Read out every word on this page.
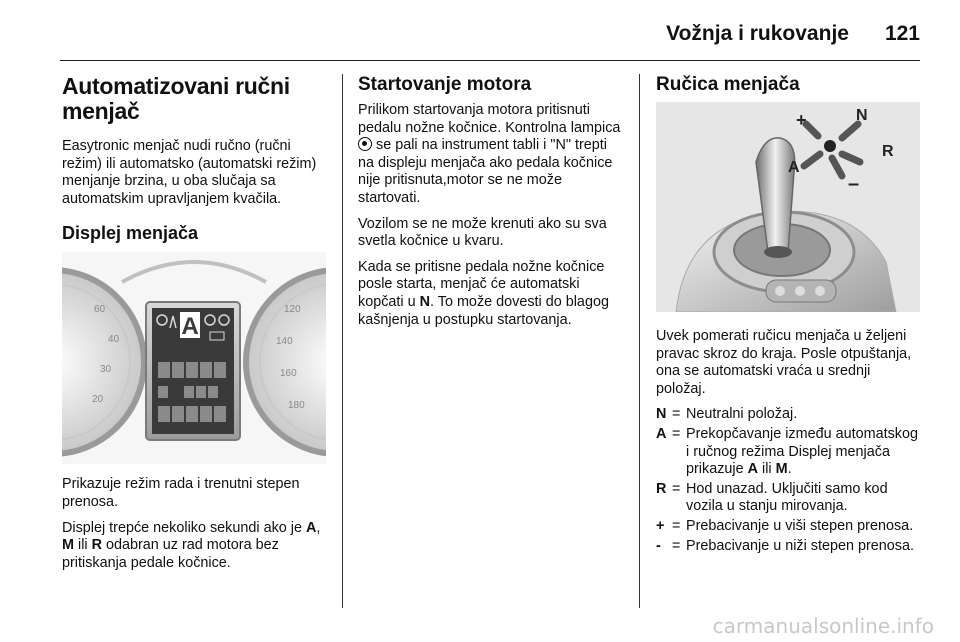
Vožnja i rukovanje 121
Automatizovani ručni menjač

Easytronic menjač nudi ručno (ručni režim) ili automatsko (automatski režim) menjanje brzina, u oba slučaja sa automatskim upravljanjem kvačila.

Displej menjača
60
40
30
20
120
140
160
180
A

Prikazuje režim rada i trenutni stepen prenosa.

Displej trepće nekoliko sekundi ako je A, M ili R odabran uz rad motora bez pritiskanja pedale kočnice.

Startovanje motora

Prilikom startovanja motora pritisnuti pedalu nožne kočnice. Kontrolna lampica  se pali na instrument tabli i "N" trepti na displeju menjača ako pedala kočnice nije pritisnuta,motor se ne može startovati.

Vozilom se ne može krenuti ako su sva svetla kočnice u kvaru.

Kada se pritisne pedala nožne kočnice posle starta, menjač će automatski kopčati u N. To može dovesti do blagog kašnjenja u postupku startovanja.

Ručica menjača
+	N
R
A
–

Uvek pomerati ručicu menjača u željeni pravac skroz do kraja. Posle otpuštanja, ona se automatski vraća u srednji položaj.

N = Neutralni položaj.
A = Prekopčavanje između automatskog i ručnog režima Displej menjača prikazuje A ili M.
R = Hod unazad. Uključiti samo kod vozila u stanju mirovanja.
+ = Prebacivanje u viši stepen prenosa.
- = Prebacivanje u niži stepen prenosa.
carmanualsonline.info
